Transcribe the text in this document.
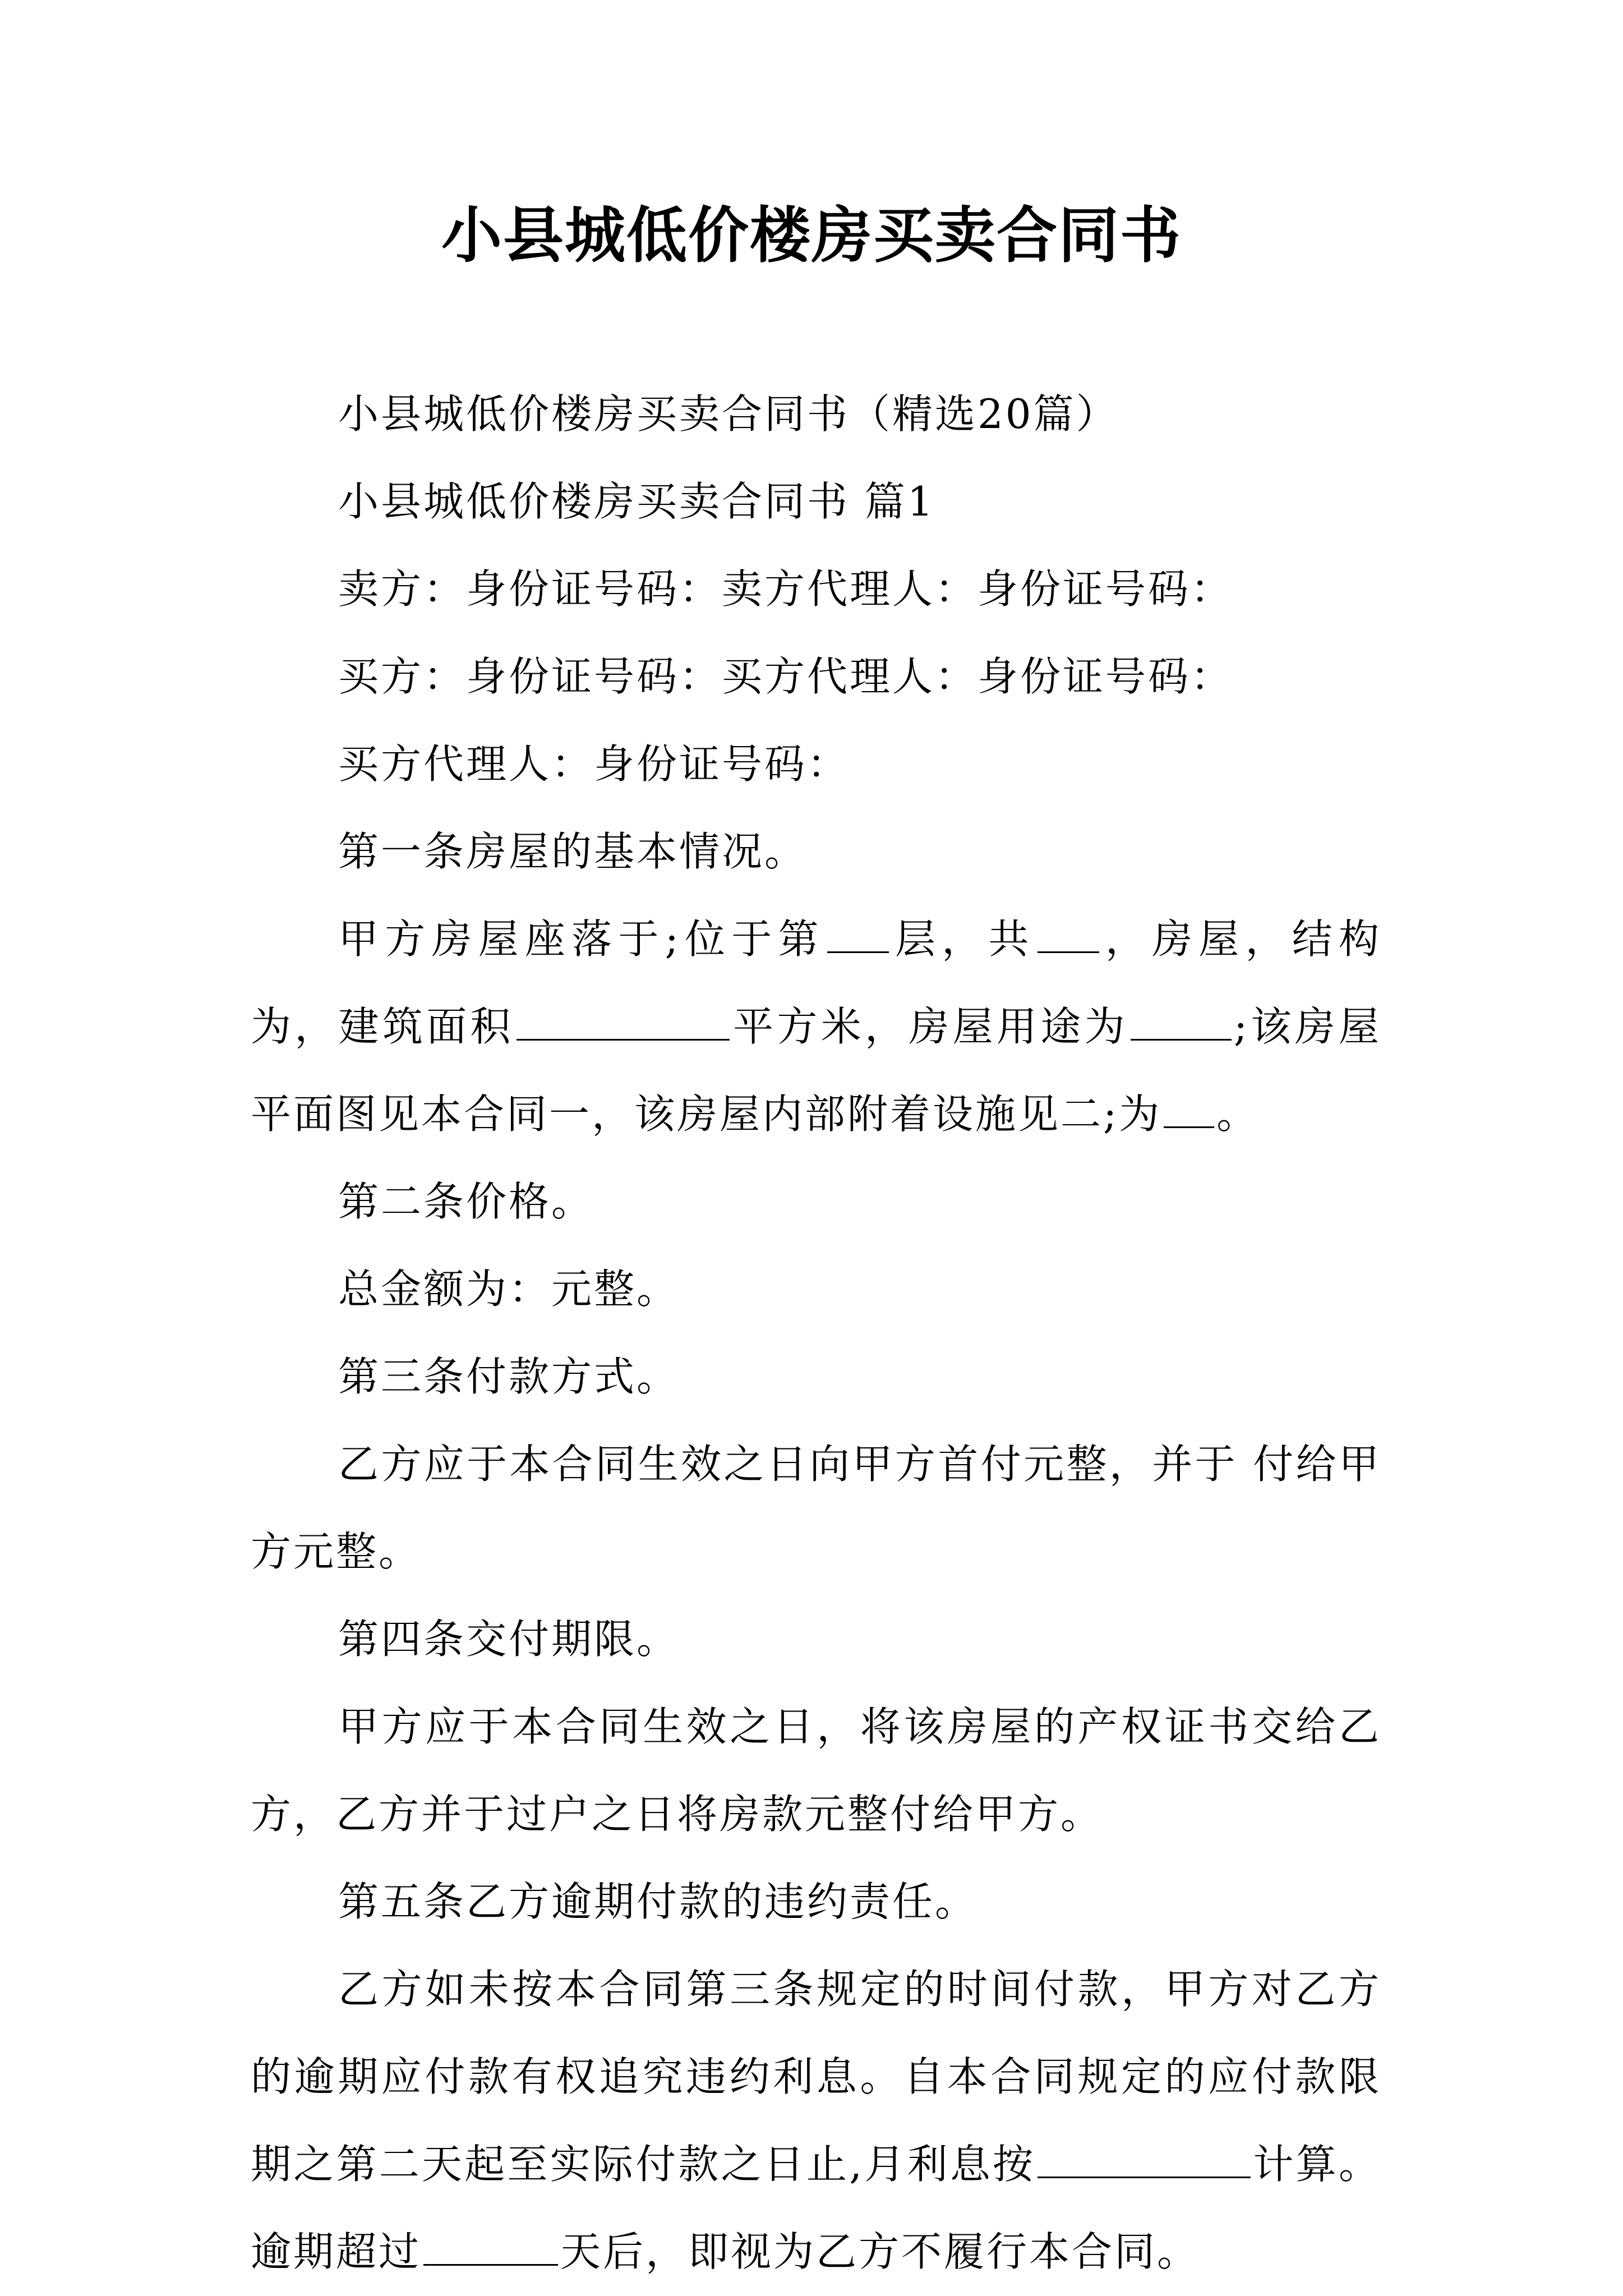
小县城低价楼房买卖合同书

小县城低价楼房买卖合同书（精选20篇）

小县城低价楼房买卖合同书 篇1

卖方：身份证号码：卖方代理人：身份证号码：

买方：身份证号码：买方代理人：身份证号码：

买方代理人：身份证号码：

第一条房屋的基本情况。

甲方房屋座落于;位于第 层，共 ，房屋，结构为，建筑面积	平方米，房屋用途为	;该房屋平面图见本合同一，该房屋内部附着设施见二;为 。

第二条价格。

总金额为：元整。

第三条付款方式。

乙方应于本合同生效之日向甲方首付元整，并于 付给甲方元整。

第四条交付期限。

甲方应于本合同生效之日，将该房屋的产权证书交给乙方，乙方并于过户之日将房款元整付给甲方。

第五条乙方逾期付款的违约责任。

乙方如未按本合同第三条规定的时间付款，甲方对乙方的逾期应付款有权追究违约利息。自本合同规定的应付款限期之第二天起至实际付款之日止,月利息按	计算。逾期超过	天后，即视为乙方不履行本合同。
